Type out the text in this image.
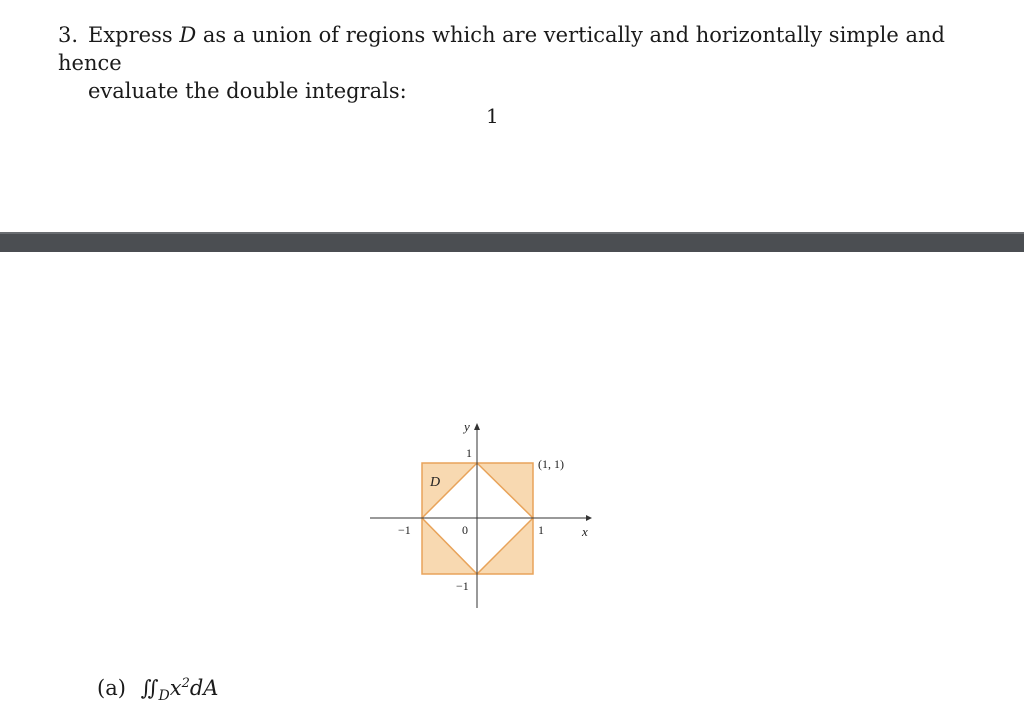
3. Express D as a union of regions which are vertically and horizontally simple and hence
evaluate the double integrals:
1
y
x
D
1
−1
−1	1
0
(1, 1)
(a) $∬_Dx^2dA$
